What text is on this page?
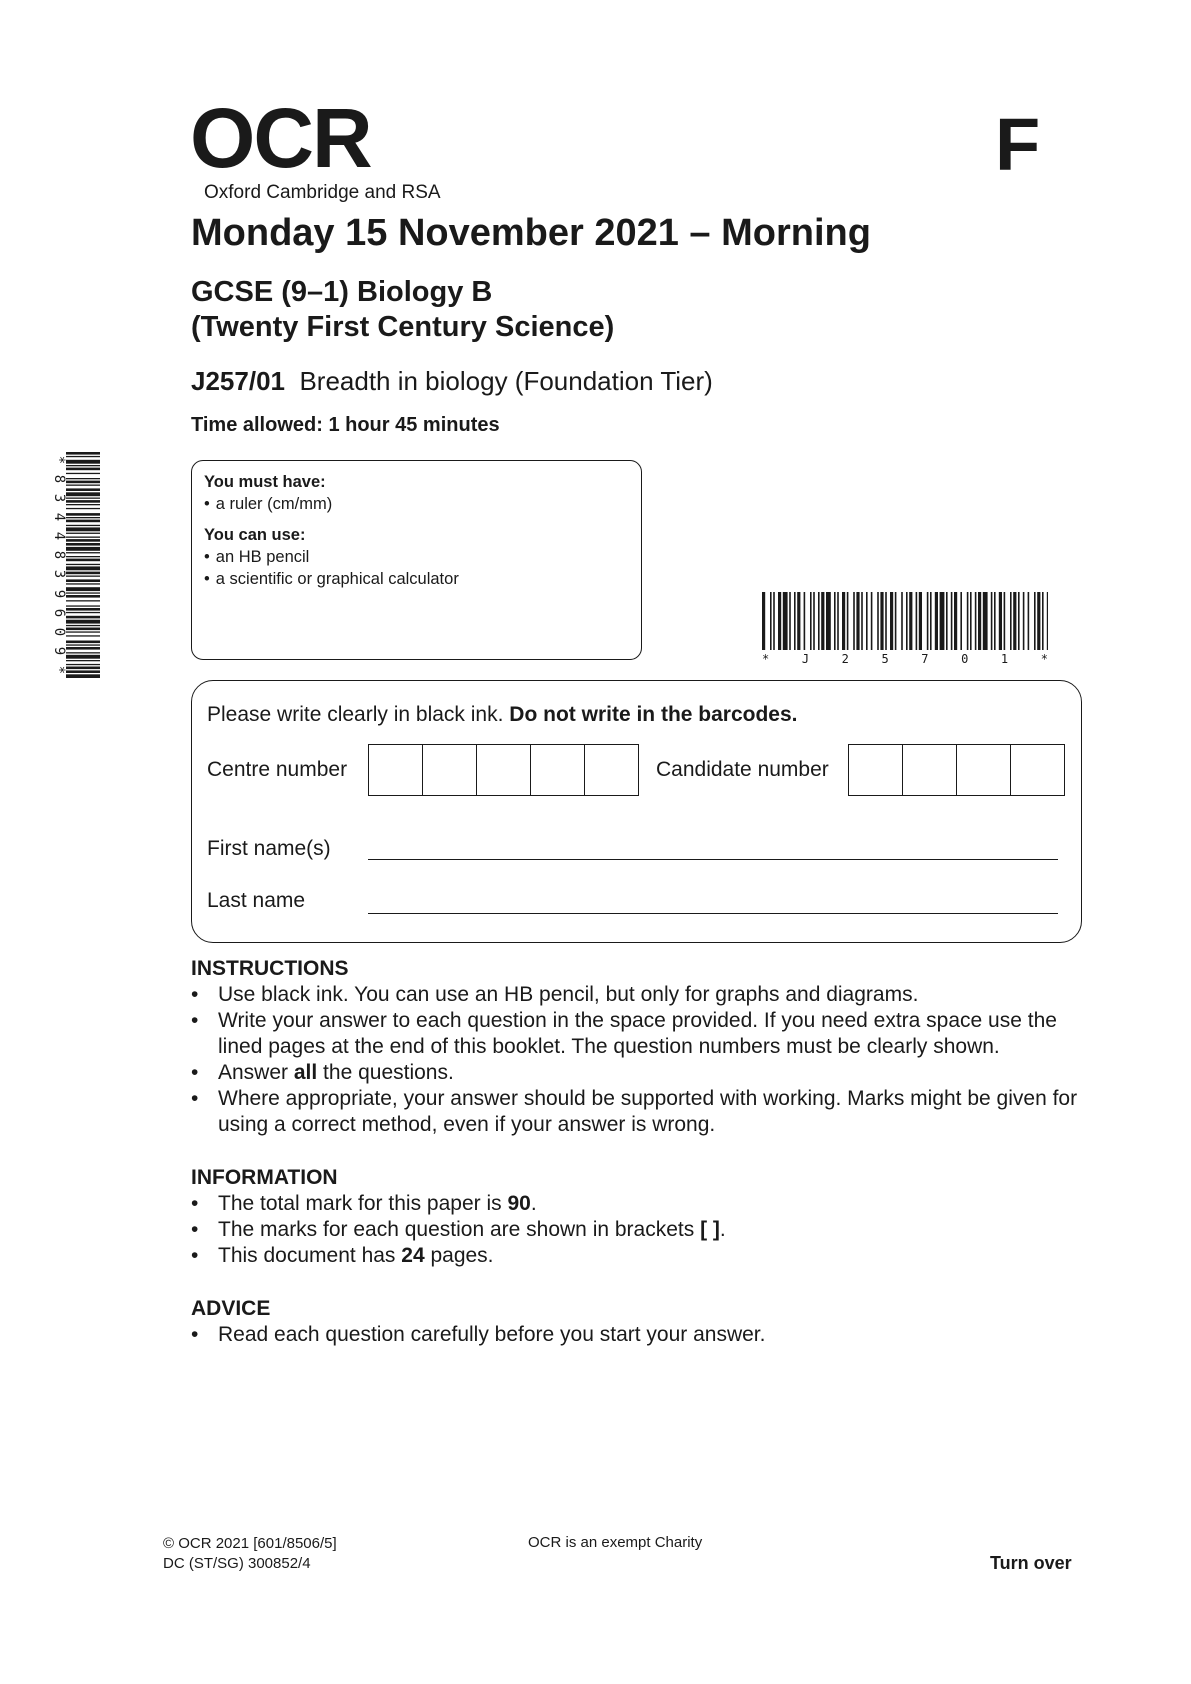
OCR
Oxford Cambridge and RSA
F
Monday 15 November 2021 – Morning
GCSE (9–1) Biology B
(Twenty First Century Science)
J257/01 Breadth in biology (Foundation Tier)
Time allowed: 1 hour 45 minutes
*
8
3
4
4
8
3
9
6
0
9
*
You must have:
• a ruler (cm/mm)
You can use:
• an HB pencil
• a scientific or graphical calculator
*	J	2	5	7	0	1	*
Please write clearly in black ink. Do not write in the barcodes.
Centre number	Candidate number
First name(s)
Last name
INSTRUCTIONS
• Use black ink. You can use an HB pencil, but only for graphs and diagrams.
• Write your answer to each question in the space provided. If you need extra space use the lined pages at the end of this booklet. The question numbers must be clearly shown.
• Answer all the questions.
• Where appropriate, your answer should be supported with working. Marks might be given for using a correct method, even if your answer is wrong.
INFORMATION
• The total mark for this paper is 90.
• The marks for each question are shown in brackets [ ].
• This document has 24 pages.
ADVICE
• Read each question carefully before you start your answer.
© OCR 2021 [601/8506/5]
DC (ST/SG) 300852/4
OCR is an exempt Charity
Turn over
